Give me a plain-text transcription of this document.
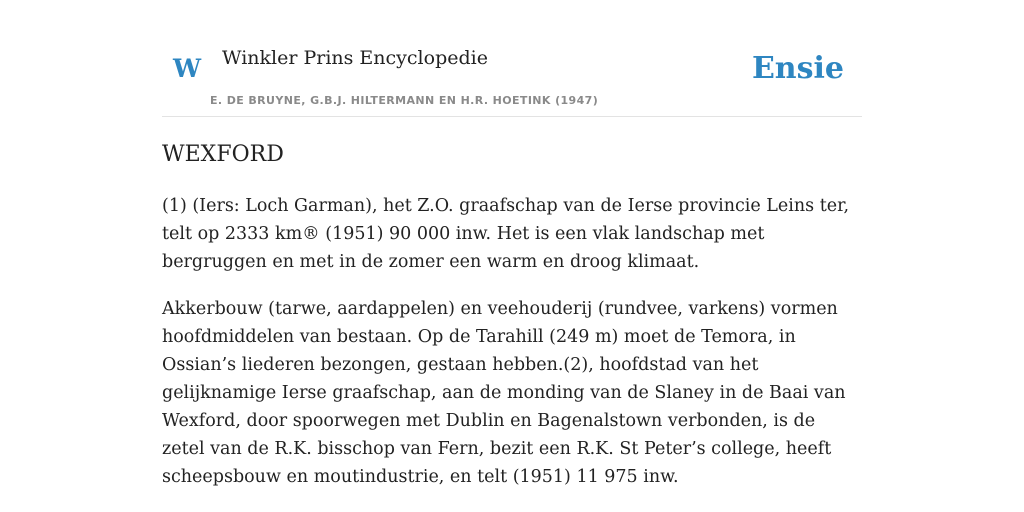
W Winkler Prins Encyclopedie
E. DE BRUYNE, G.B.J. HILTERMANN EN H.R. HOETINK (1947)
Ensie
WEXFORD

(1) (Iers: Loch Garman), het Z.O. graafschap van de Ierse provincie Leins ter, telt op 2333 km® (1951) 90 000 inw. Het is een vlak landschap met bergruggen en met in de zomer een warm en droog klimaat.

Akkerbouw (tarwe, aardappelen) en veehouderij (rundvee, varkens) vormen hoofdmiddelen van bestaan. Op de Tarahill (249 m) moet de Temora, in Ossian’s liederen bezongen, gestaan hebben.(2), hoofdstad van het gelijknamige Ierse graafschap, aan de monding van de Slaney in de Baai van Wexford, door spoorwegen met Dublin en Bagenalstown verbonden, is de zetel van de R.K. bisschop van Fern, bezit een R.K. St Peter’s college, heeft scheepsbouw en moutindustrie, en telt (1951) 11 975 inw.
